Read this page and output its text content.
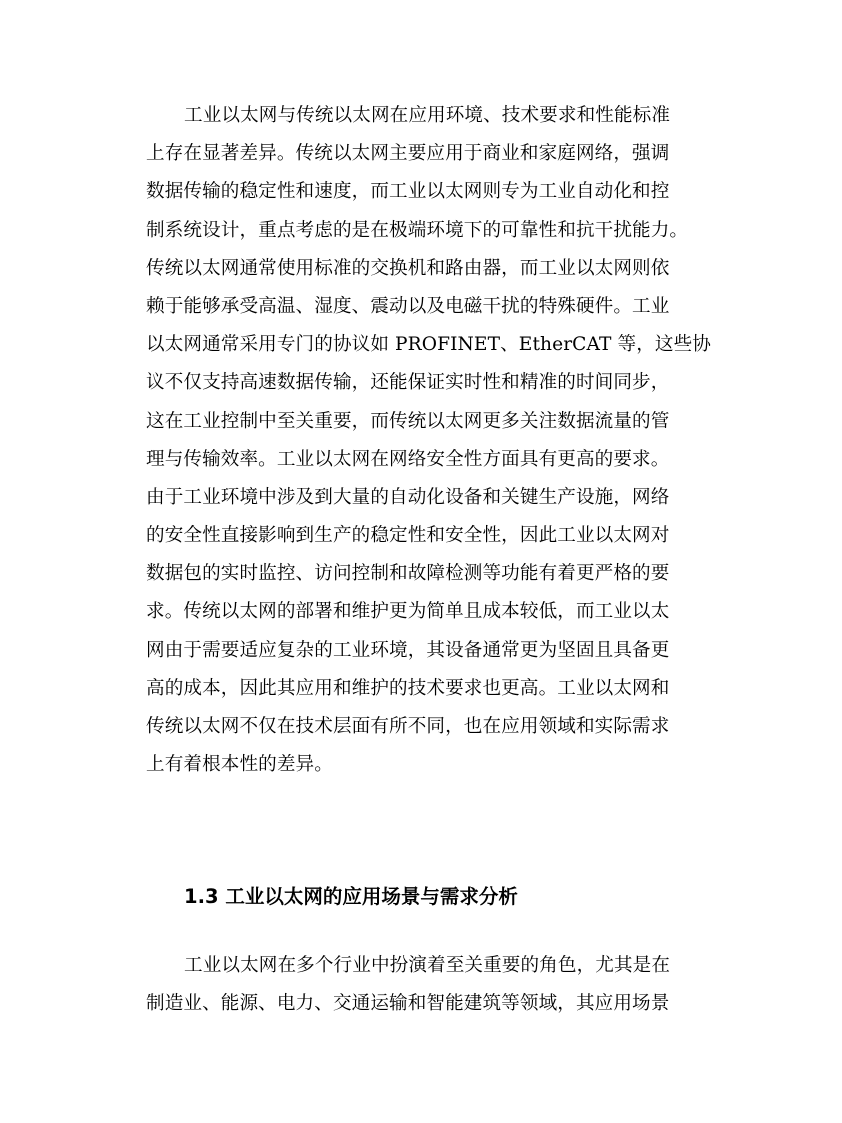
工业以太网与传统以太网在应用环境、技术要求和性能标准
上存在显著差异。传统以太网主要应用于商业和家庭网络，强调
数据传输的稳定性和速度，而工业以太网则专为工业自动化和控
制系统设计，重点考虑的是在极端环境下的可靠性和抗干扰能力。
传统以太网通常使用标准的交换机和路由器，而工业以太网则依
赖于能够承受高温、湿度、震动以及电磁干扰的特殊硬件。工业
以太网通常采用专门的协议如 PROFINET、EtherCAT 等，这些协
议不仅支持高速数据传输，还能保证实时性和精准的时间同步，
这在工业控制中至关重要，而传统以太网更多关注数据流量的管
理与传输效率。工业以太网在网络安全性方面具有更高的要求。
由于工业环境中涉及到大量的自动化设备和关键生产设施，网络
的安全性直接影响到生产的稳定性和安全性，因此工业以太网对
数据包的实时监控、访问控制和故障检测等功能有着更严格的要
求。传统以太网的部署和维护更为简单且成本较低，而工业以太
网由于需要适应复杂的工业环境，其设备通常更为坚固且具备更
高的成本，因此其应用和维护的技术要求也更高。工业以太网和
传统以太网不仅在技术层面有所不同，也在应用领域和实际需求
上有着根本性的差异。
1.3 工业以太网的应用场景与需求分析
工业以太网在多个行业中扮演着至关重要的角色，尤其是在
制造业、能源、电力、交通运输和智能建筑等领域，其应用场景
